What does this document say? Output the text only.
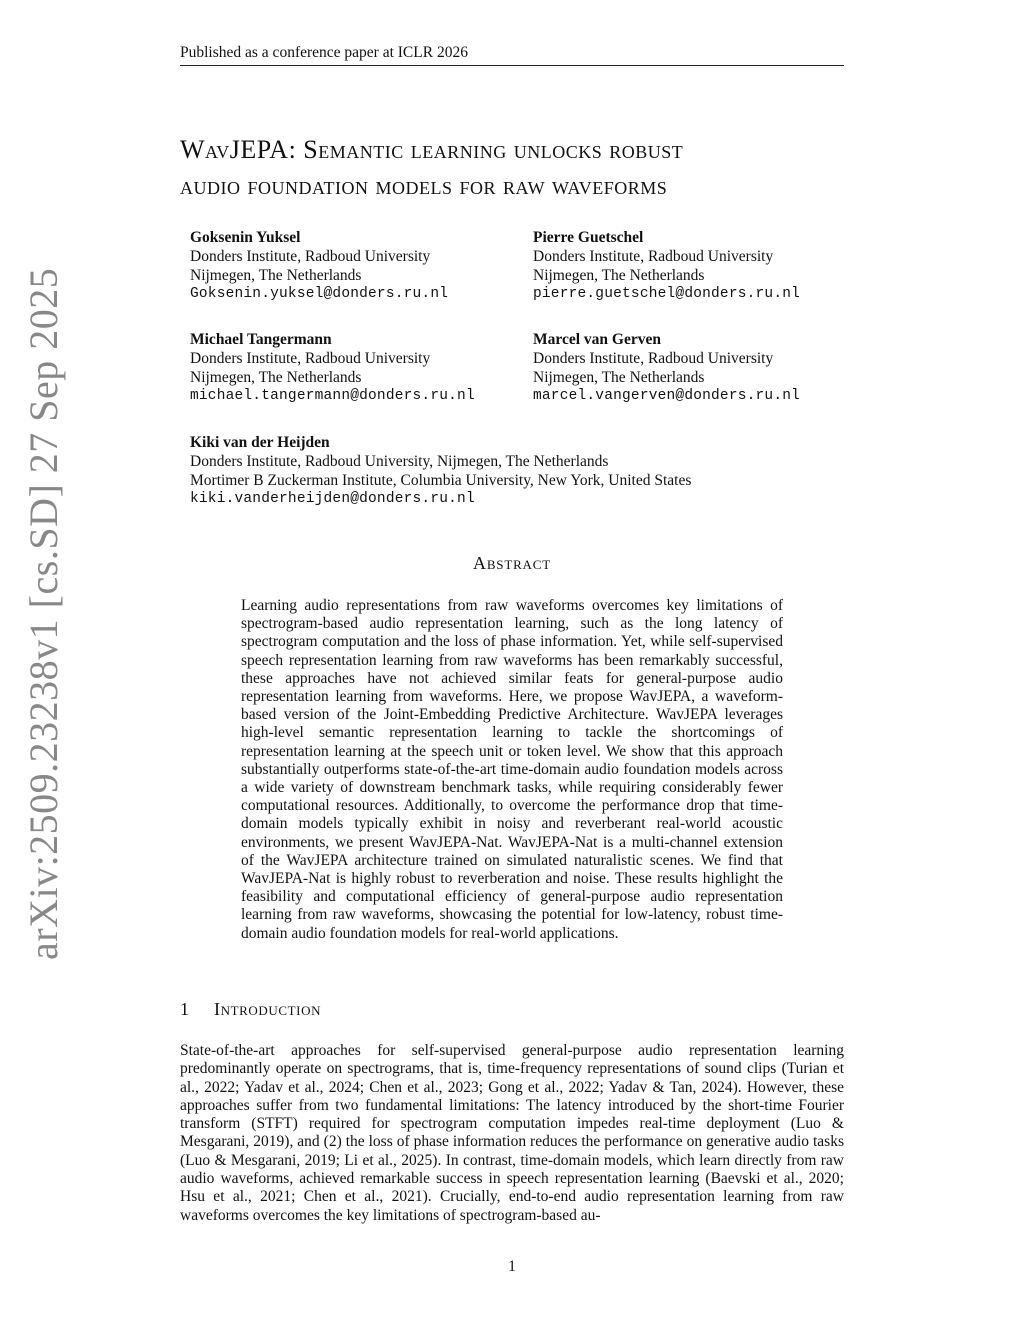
Published as a conference paper at ICLR 2026
WavJEPA: Semantic learning unlocks robust
audio foundation models for raw waveforms
Goksenin Yuksel
Donders Institute, Radboud University
Nijmegen, The Netherlands
Goksenin.yuksel@donders.ru.nl
Pierre Guetschel
Donders Institute, Radboud University
Nijmegen, The Netherlands
pierre.guetschel@donders.ru.nl
Michael Tangermann
Donders Institute, Radboud University
Nijmegen, The Netherlands
michael.tangermann@donders.ru.nl
Marcel van Gerven
Donders Institute, Radboud University
Nijmegen, The Netherlands
marcel.vangerven@donders.ru.nl
Kiki van der Heijden
Donders Institute, Radboud University, Nijmegen, The Netherlands
Mortimer B Zuckerman Institute, Columbia University, New York, United States
kiki.vanderheijden@donders.ru.nl
arXiv:2509.23238v1 [cs.SD] 27 Sep 2025	Abstract
Learning audio representations from raw waveforms overcomes key limitations of spectrogram-based audio representation learning, such as the long latency of spectrogram computation and the loss of phase information. Yet, while self-supervised speech representation learning from raw waveforms has been remarkably successful, these approaches have not achieved similar feats for general-purpose audio representation learning from waveforms. Here, we propose WavJEPA, a waveform-based version of the Joint-Embedding Predictive Architecture. WavJEPA leverages high-level semantic representation learning to tackle the shortcomings of representation learning at the speech unit or token level. We show that this approach substantially outperforms state-of-the-art time-domain audio foundation models across a wide variety of downstream benchmark tasks, while requiring considerably fewer computational resources. Additionally, to overcome the performance drop that time-domain models typically exhibit in noisy and reverberant real-world acoustic environments, we present WavJEPA-Nat. WavJEPA-Nat is a multi-channel extension of the WavJEPA architecture trained on simulated naturalistic scenes. We find that WavJEPA-Nat is highly robust to reverberation and noise. These results highlight the feasibility and computational efficiency of general-purpose audio representation learning from raw waveforms, showcasing the potential for low-latency, robust time-domain audio foundation models for real-world applications.
1 Introduction
State-of-the-art approaches for self-supervised general-purpose audio representation learning predominantly operate on spectrograms, that is, time-frequency representations of sound clips (Turian et al., 2022; Yadav et al., 2024; Chen et al., 2023; Gong et al., 2022; Yadav & Tan, 2024). However, these approaches suffer from two fundamental limitations: The latency introduced by the short-time Fourier transform (STFT) required for spectrogram computation impedes real-time deployment (Luo & Mesgarani, 2019), and (2) the loss of phase information reduces the performance on generative audio tasks (Luo & Mesgarani, 2019; Li et al., 2025). In contrast, time-domain models, which learn directly from raw audio waveforms, achieved remarkable success in speech representation learning (Baevski et al., 2020; Hsu et al., 2021; Chen et al., 2021). Crucially, end-to-end audio representation learning from raw waveforms overcomes the key limitations of spectrogram-based au-
1
